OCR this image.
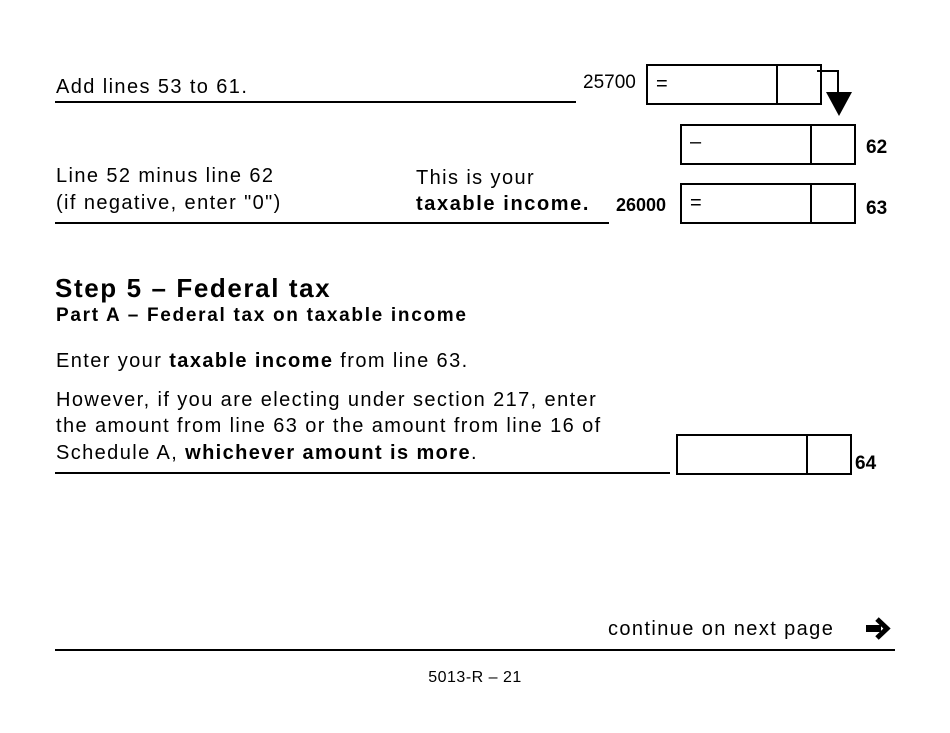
Add lines 53 to 61.	25700 =
–	62
Line 52 minus line 62
(if negative, enter "0")
This is your
taxable income. 26000 =	63
Step 5 – Federal tax
Part A – Federal tax on taxable income
Enter your taxable income from line 63.
However, if you are electing under section 217, enter
the amount from line 63 or the amount from line 16 of
Schedule A, whichever amount is more.	64
continue on next page
5013-R – 21
